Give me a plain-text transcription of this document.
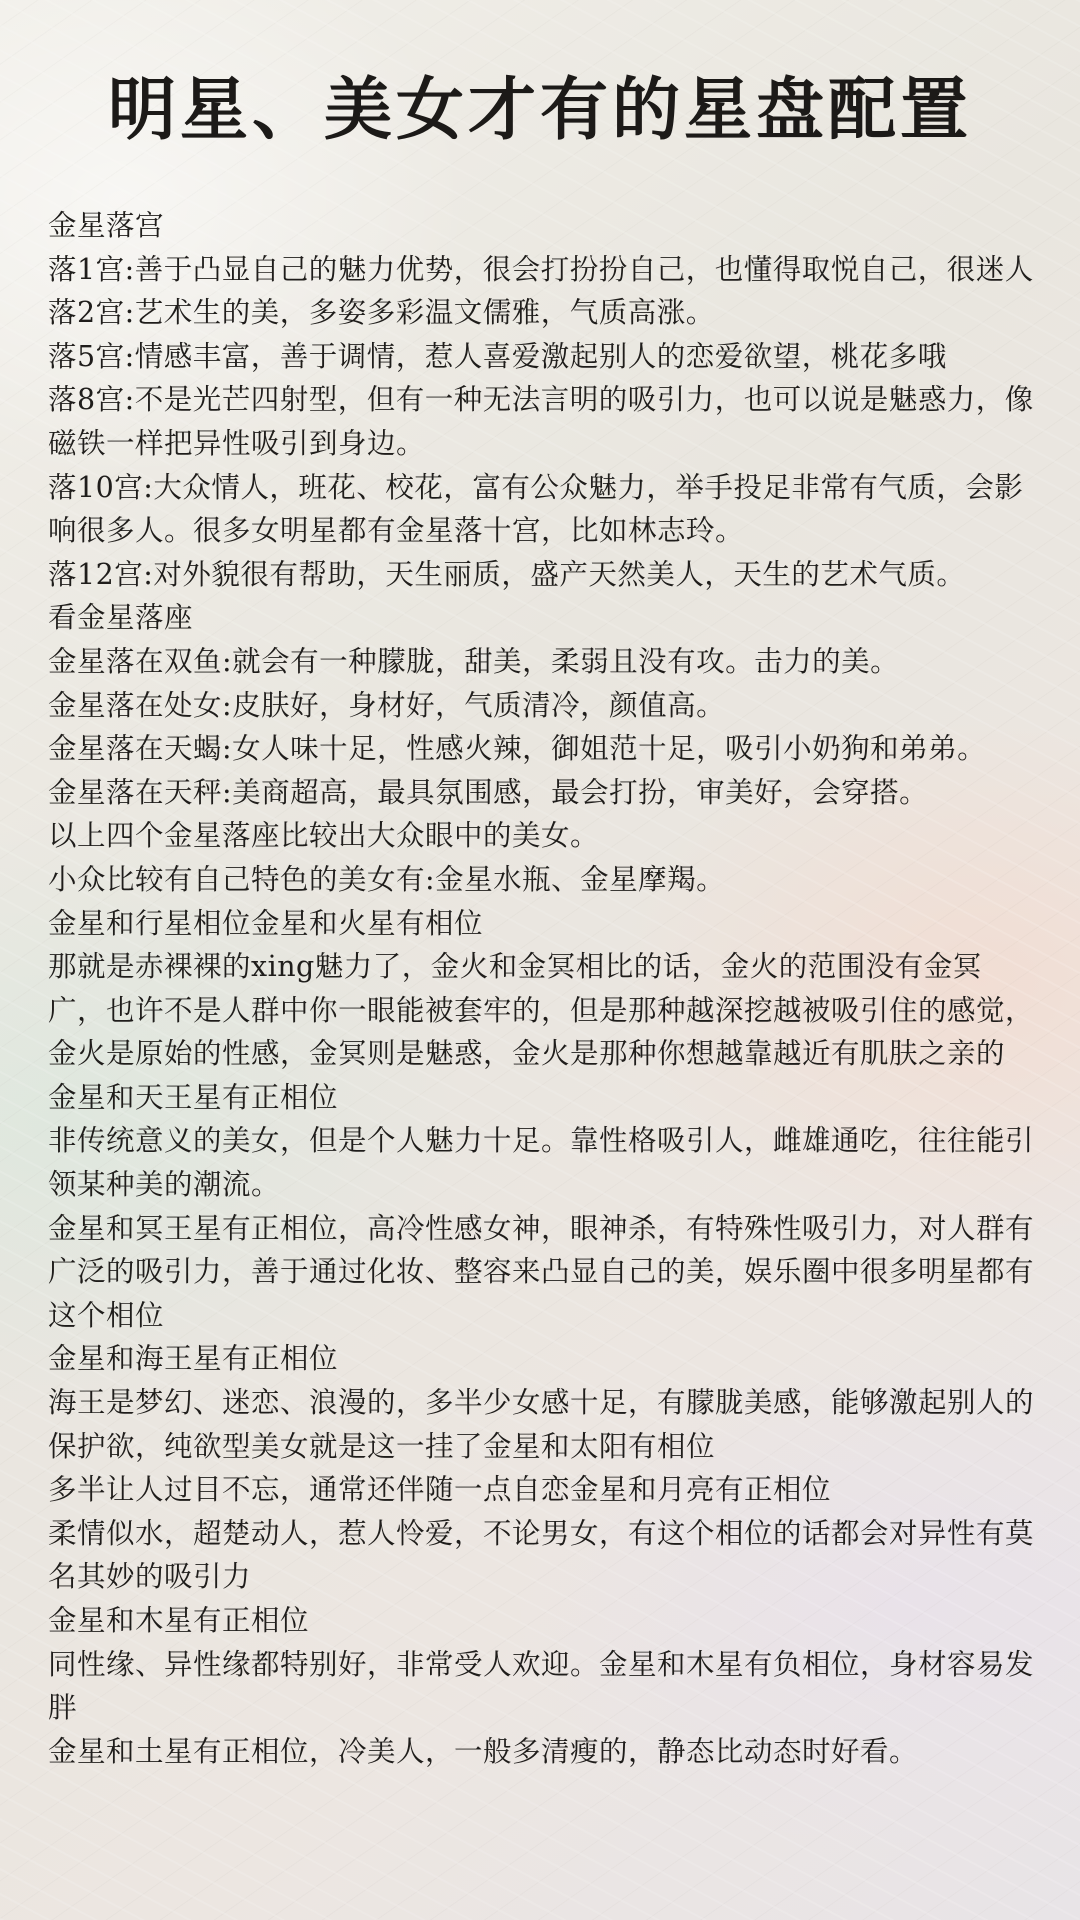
明星、美女才有的星盘配置
金星落宫
落1宫:善于凸显自己的魅力优势，很会打扮扮自己，也懂得取悦自己，很迷人
落2宫:艺术生的美，多姿多彩温文儒雅，气质高涨。
落5宫:情感丰富，善于调情，惹人喜爱激起别人的恋爱欲望，桃花多哦
落8宫:不是光芒四射型，但有一种无法言明的吸引力，也可以说是魅惑力，像磁铁一样把异性吸引到身边。
落10宫:大众情人，班花、校花，富有公众魅力，举手投足非常有气质，会影响很多人。很多女明星都有金星落十宫，比如林志玲。
落12宫:对外貌很有帮助，天生丽质，盛产天然美人，天生的艺术气质。
看金星落座
金星落在双鱼:就会有一种朦胧，甜美，柔弱且没有攻。击力的美。
金星落在处女:皮肤好，身材好，气质清冷，颜值高。
金星落在天蝎:女人味十足，性感火辣，御姐范十足，吸引小奶狗和弟弟。
金星落在天秤:美商超高，最具氛围感，最会打扮，审美好，会穿搭。
以上四个金星落座比较出大众眼中的美女。
小众比较有自己特色的美女有:金星水瓶、金星摩羯。
金星和行星相位金星和火星有相位
那就是赤裸裸的xing魅力了，金火和金冥相比的话，金火的范围没有金冥广，也许不是人群中你一眼能被套牢的，但是那种越深挖越被吸引住的感觉，金火是原始的性感，金冥则是魅惑，金火是那种你想越靠越近有肌肤之亲的
金星和天王星有正相位
非传统意义的美女，但是个人魅力十足。靠性格吸引人，雌雄通吃，往往能引领某种美的潮流。
金星和冥王星有正相位，高冷性感女神，眼神杀，有特殊性吸引力，对人群有广泛的吸引力，善于通过化妆、整容来凸显自己的美，娱乐圈中很多明星都有这个相位
金星和海王星有正相位
海王是梦幻、迷恋、浪漫的，多半少女感十足，有朦胧美感，能够激起别人的保护欲，纯欲型美女就是这一挂了金星和太阳有相位
多半让人过目不忘，通常还伴随一点自恋金星和月亮有正相位
柔情似水，超楚动人，惹人怜爱，不论男女，有这个相位的话都会对异性有莫名其妙的吸引力
金星和木星有正相位
同性缘、异性缘都特别好，非常受人欢迎。金星和木星有负相位，身材容易发胖
金星和土星有正相位，冷美人，一般多清瘦的，静态比动态时好看。
